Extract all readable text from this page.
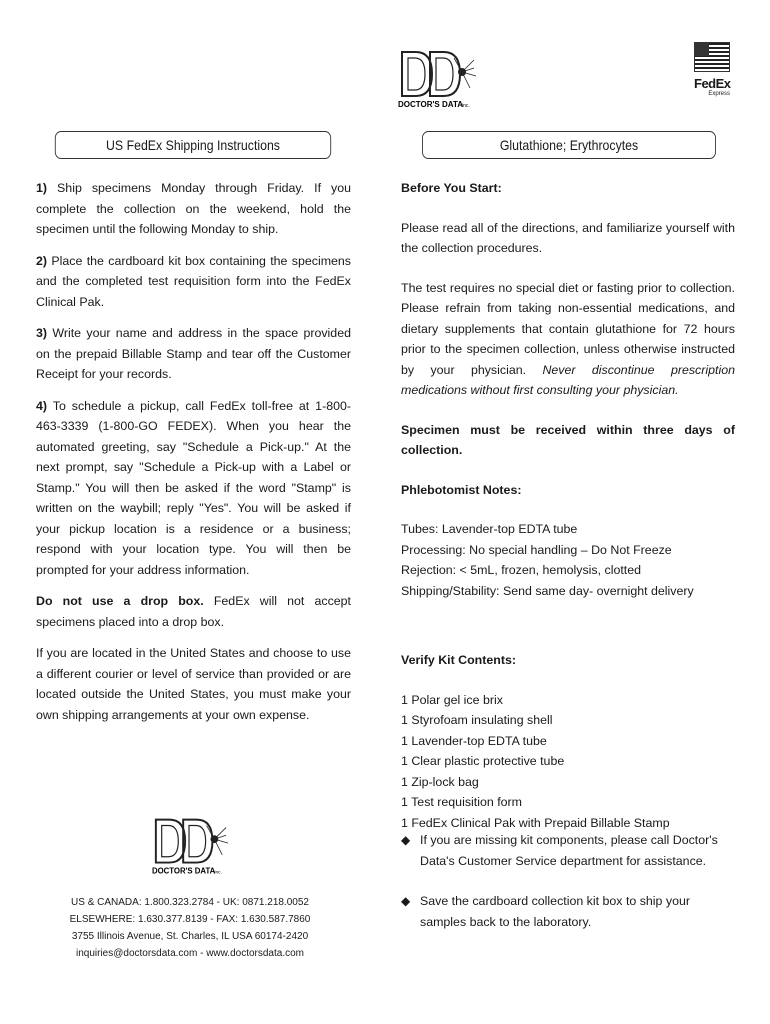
DOCTOR'S DATA
inc.
FedEx
Express
US FedEx Shipping Instructions	Glutathione; Erythrocytes

1) Ship specimens Monday through Friday. If you complete the collection on the weekend, hold the specimen until the following Monday to ship.

2) Place the cardboard kit box containing the specimens and the completed test requisition form into the FedEx Clinical Pak.

3) Write your name and address in the space provided on the prepaid Billable Stamp and tear off the Customer Receipt for your records.

4) To schedule a pickup, call FedEx toll-free at 1-800-463-3339 (1-800-GO FEDEX). When you hear the automated greeting, say "Schedule a Pick-up." At the next prompt, say "Schedule a Pick-up with a Label or Stamp." You will then be asked if the word "Stamp" is written on the waybill; reply "Yes". You will be asked if your pickup location is a residence or a business; respond with your location type. You will then be prompted for your address information.

Do not use a drop box. FedEx will not accept specimens placed into a drop box.

If you are located in the United States and choose to use a different courier or level of service than provided or are located outside the United States, you must make your own shipping arrangements at your own expense.

Before You Start:

Please read all of the directions, and familiarize yourself with the collection procedures.

The test requires no special diet or fasting prior to collection. Please refrain from taking non-essential medications, and dietary supplements that contain glutathione for 72 hours prior to the specimen collection, unless otherwise instructed by your physician. Never discontinue prescription medications without first consulting your physician.

Specimen must be received within three days of collection.

Phlebotomist Notes:

Tubes: Lavender-top EDTA tube
Processing: No special handling – Do Not Freeze
Rejection: < 5mL, frozen, hemolysis, clotted
Shipping/Stability: Send same day- overnight delivery

Verify Kit Contents:

1 Polar gel ice brix
1 Styrofoam insulating shell
1 Lavender-top EDTA tube
1 Clear plastic protective tube
1 Zip-lock bag
1 Test requisition form
1 FedEx Clinical Pak with Prepaid Billable Stamp
◆ If you are missing kit components, please call Doctor's Data's Customer Service department for assistance.
◆ Save the cardboard collection kit box to ship your samples back to the laboratory.
DOCTOR'S DATA inc.
US & CANADA: 1.800.323.2784 - UK: 0871.218.0052
ELSEWHERE: 1.630.377.8139 - FAX: 1.630.587.7860
3755 Illinois Avenue, St. Charles, IL USA 60174-2420
inquiries@doctorsdata.com - www.doctorsdata.com
